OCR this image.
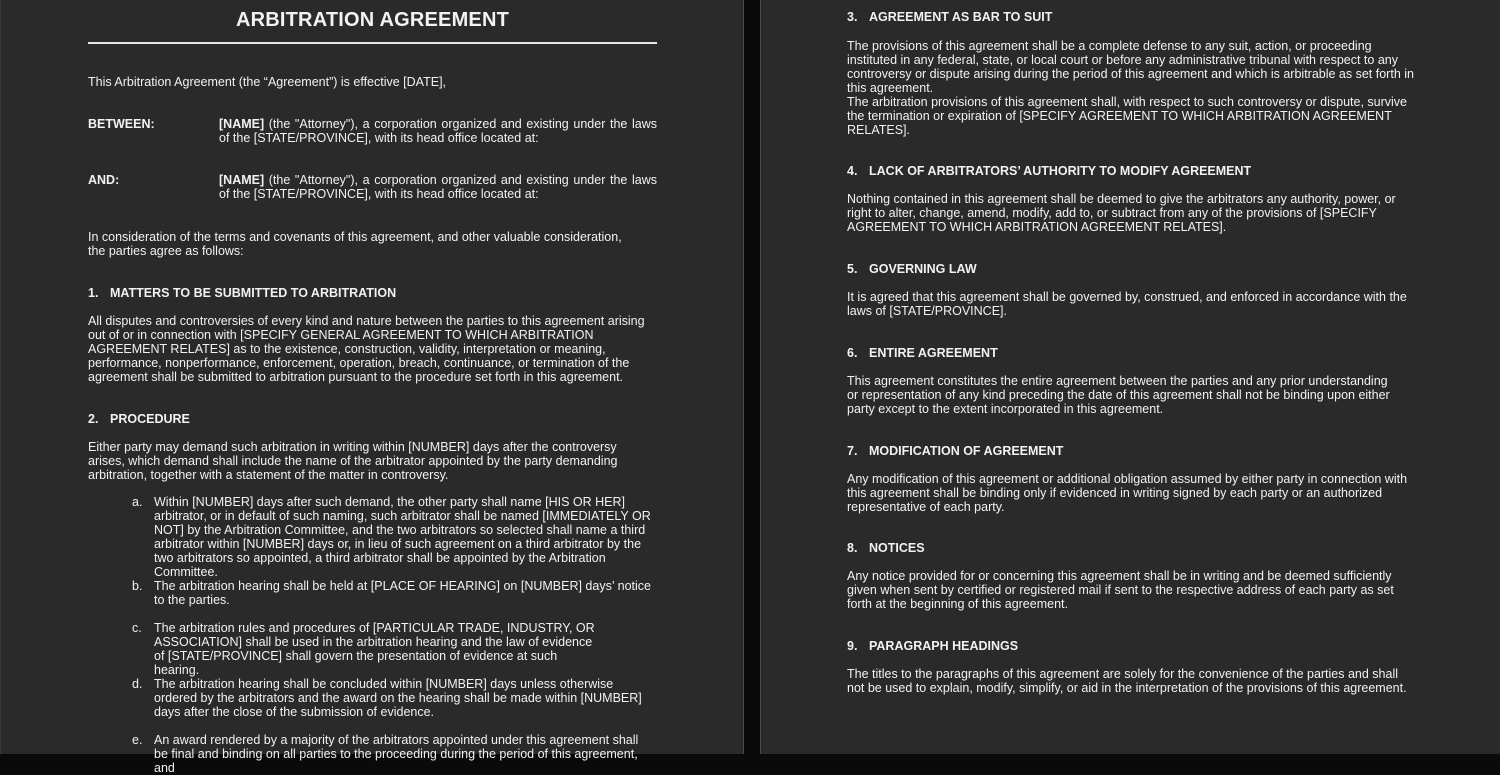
ARBITRATION AGREEMENT

This Arbitration Agreement (the “Agreement”) is effective [DATE],

BETWEEN:	[NAME] (the "Attorney"), a corporation organized and existing under the laws of the [STATE/PROVINCE], with its head office located at:

AND:	[NAME] (the "Attorney"), a corporation organized and existing under the laws of the [STATE/PROVINCE], with its head office located at:

In consideration of the terms and covenants of this agreement, and other valuable consideration, the parties agree as follows:

1. MATTERS TO BE SUBMITTED TO ARBITRATION

All disputes and controversies of every kind and nature between the parties to this agreement arising out of or in connection with [SPECIFY GENERAL AGREEMENT TO WHICH ARBITRATION AGREEMENT RELATES] as to the existence, construction, validity, interpretation or meaning, performance, nonperformance, enforcement, operation, breach, continuance, or termination of the agreement shall be submitted to arbitration pursuant to the procedure set forth in this agreement.

2. PROCEDURE

Either party may demand such arbitration in writing within [NUMBER] days after the controversy arises, which demand shall include the name of the arbitrator appointed by the party demanding arbitration, together with a statement of the matter in controversy.

a. Within [NUMBER] days after such demand, the other party shall name [HIS OR HER] arbitrator, or in default of such naming, such arbitrator shall be named [IMMEDIATELY OR NOT] by the Arbitration Committee, and the two arbitrators so selected shall name a third arbitrator within [NUMBER] days or, in lieu of such agreement on a third arbitrator by the two arbitrators so appointed, a third arbitrator shall be appointed by the Arbitration Committee.

b. The arbitration hearing shall be held at [PLACE OF HEARING] on [NUMBER] days’ notice to the parties.

c. The arbitration rules and procedures of [PARTICULAR TRADE, INDUSTRY, OR ASSOCIATION] shall be used in the arbitration hearing and the law of evidence of [STATE/PROVINCE] shall govern the presentation of evidence at such hearing.

d. The arbitration hearing shall be concluded within [NUMBER] days unless otherwise ordered by the arbitrators and the award on the hearing shall be made within [NUMBER] days after the close of the submission of evidence.

e. An award rendered by a majority of the arbitrators appointed under this agreement shall be final and binding on all parties to the proceeding during the period of this agreement, and

3. AGREEMENT AS BAR TO SUIT

The provisions of this agreement shall be a complete defense to any suit, action, or proceeding instituted in any federal, state, or local court or before any administrative tribunal with respect to any controversy or dispute arising during the period of this agreement and which is arbitrable as set forth in this agreement.

The arbitration provisions of this agreement shall, with respect to such controversy or dispute, survive the termination or expiration of [SPECIFY AGREEMENT TO WHICH ARBITRATION AGREEMENT RELATES].

4. LACK OF ARBITRATORS’ AUTHORITY TO MODIFY AGREEMENT

Nothing contained in this agreement shall be deemed to give the arbitrators any authority, power, or right to alter, change, amend, modify, add to, or subtract from any of the provisions of [SPECIFY AGREEMENT TO WHICH ARBITRATION AGREEMENT RELATES].

5. GOVERNING LAW

It is agreed that this agreement shall be governed by, construed, and enforced in accordance with the laws of [STATE/PROVINCE].

6. ENTIRE AGREEMENT

This agreement constitutes the entire agreement between the parties and any prior understanding or representation of any kind preceding the date of this agreement shall not be binding upon either party except to the extent incorporated in this agreement.

7. MODIFICATION OF AGREEMENT

Any modification of this agreement or additional obligation assumed by either party in connection with this agreement shall be binding only if evidenced in writing signed by each party or an authorized representative of each party.

8. NOTICES

Any notice provided for or concerning this agreement shall be in writing and be deemed sufficiently given when sent by certified or registered mail if sent to the respective address of each party as set forth at the beginning of this agreement.

9. PARAGRAPH HEADINGS

The titles to the paragraphs of this agreement are solely for the convenience of the parties and shall not be used to explain, modify, simplify, or aid in the interpretation of the provisions of this agreement.
